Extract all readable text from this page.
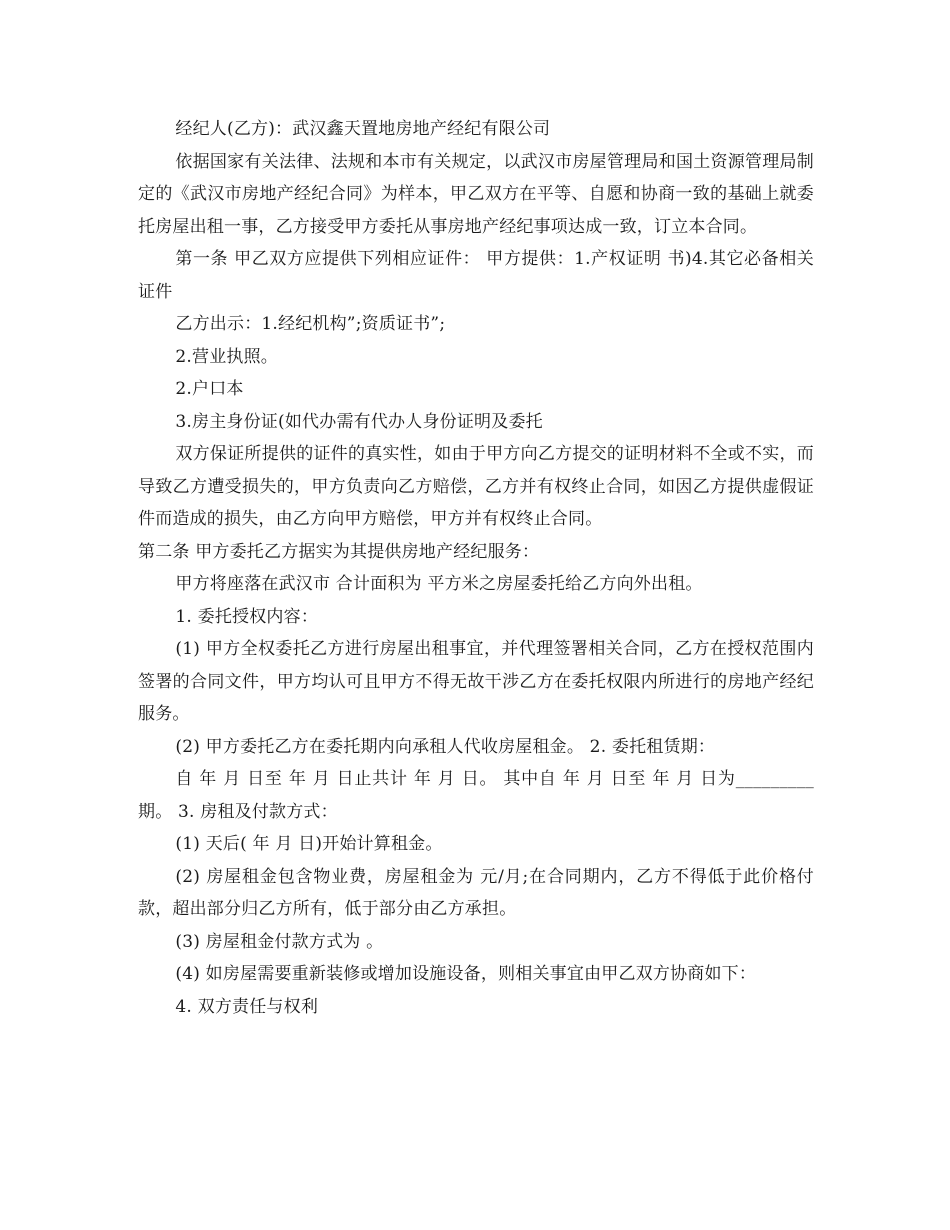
经纪人(乙方)：武汉鑫天置地房地产经纪有限公司

依据国家有关法律、法规和本市有关规定，以武汉市房屋管理局和国土资源管理局制定的《武汉市房地产经纪合同》为样本，甲乙双方在平等、自愿和协商一致的基础上就委托房屋出租一事，乙方接受甲方委托从事房地产经纪事项达成一致，订立本合同。

第一条 甲乙双方应提供下列相应证件： 甲方提供：1.产权证明 书)4.其它必备相关证件

乙方出示：1.经纪机构”;资质证书”;

2.营业执照。

2.户口本

3.房主身份证(如代办需有代办人身份证明及委托

双方保证所提供的证件的真实性，如由于甲方向乙方提交的证明材料不全或不实，而导致乙方遭受损失的，甲方负责向乙方赔偿，乙方并有权终止合同，如因乙方提供虚假证件而造成的损失，由乙方向甲方赔偿，甲方并有权终止合同。

第二条 甲方委托乙方据实为其提供房地产经纪服务：

甲方将座落在武汉市 合计面积为 平方米之房屋委托给乙方向外出租。

1. 委托授权内容：

(1) 甲方全权委托乙方进行房屋出租事宜，并代理签署相关合同，乙方在授权范围内签署的合同文件，甲方均认可且甲方不得无故干涉乙方在委托权限内所进行的房地产经纪服务。

(2) 甲方委托乙方在委托期内向承租人代收房屋租金。 2. 委托租赁期：

自 年 月 日至 年 月 日止共计 年 月 日。 其中自 年 月 日至 年 月 日为_________期。 3. 房租及付款方式：

(1) 天后( 年 月 日)开始计算租金。

(2) 房屋租金包含物业费，房屋租金为 元/月;在合同期内，乙方不得低于此价格付款，超出部分归乙方所有，低于部分由乙方承担。

(3) 房屋租金付款方式为 。

(4) 如房屋需要重新装修或增加设施设备，则相关事宜由甲乙双方协商如下：

4. 双方责任与权利
